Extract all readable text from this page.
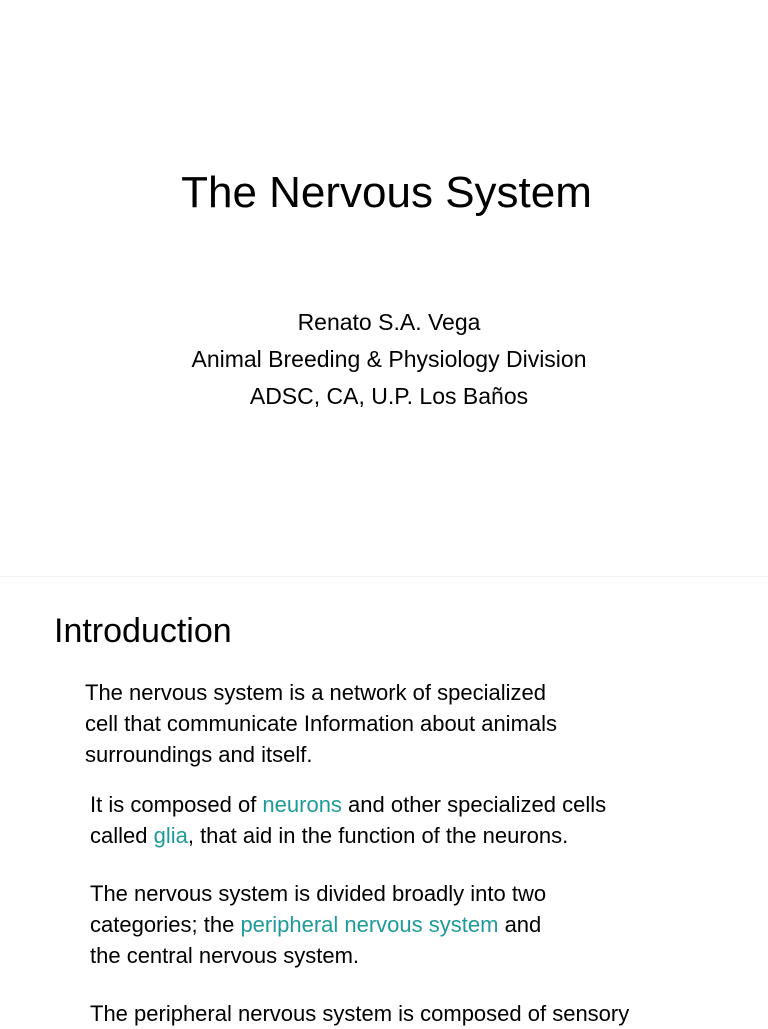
The Nervous System
Renato S.A. Vega
Animal Breeding & Physiology Division
ADSC, CA, U.P. Los Baños
Introduction
The nervous system is a network of specialized
cell that communicate Information about animals
surroundings and itself.
It is composed of neurons and other specialized cells
called glia, that aid in the function of the neurons.
The nervous system is divided broadly into two
categories; the peripheral nervous system and
the central nervous system.
The peripheral nervous system is composed of sensory
